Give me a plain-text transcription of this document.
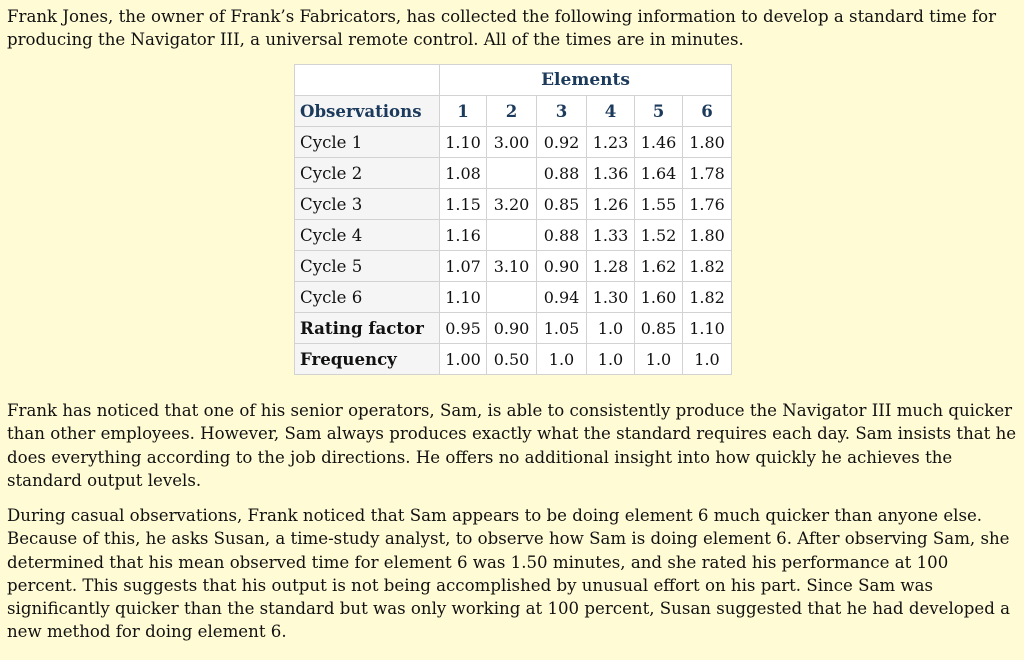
Frank Jones, the owner of Frank’s Fabricators, has collected the following information to develop a standard time for producing the Navigator III, a universal remote control. All of the times are in minutes.

	Elements					
Observations	1	2	3	4	5	6
Cycle 1	1.10	3.00	0.92	1.23	1.46	1.80
Cycle 2	1.08		0.88	1.36	1.64	1.78
Cycle 3	1.15	3.20	0.85	1.26	1.55	1.76
Cycle 4	1.16		0.88	1.33	1.52	1.80
Cycle 5	1.07	3.10	0.90	1.28	1.62	1.82
Cycle 6	1.10		0.94	1.30	1.60	1.82
Rating factor	0.95	0.90	1.05	1.0	0.85	1.10
Frequency	1.00	0.50	1.0	1.0	1.0	1.0

Frank has noticed that one of his senior operators, Sam, is able to consistently produce the Navigator III much quicker than other employees. However, Sam always produces exactly what the standard requires each day. Sam insists that he does everything according to the job directions. He offers no additional insight into how quickly he achieves the standard output levels.

During casual observations, Frank noticed that Sam appears to be doing element 6 much quicker than anyone else. Because of this, he asks Susan, a time-study analyst, to observe how Sam is doing element 6. After observing Sam, she determined that his mean observed time for element 6 was 1.50 minutes, and she rated his performance at 100 percent. This suggests that his output is not being accomplished by unusual effort on his part. Since Sam was significantly quicker than the standard but was only working at 100 percent, Susan suggested that he had developed a new method for doing element 6.
